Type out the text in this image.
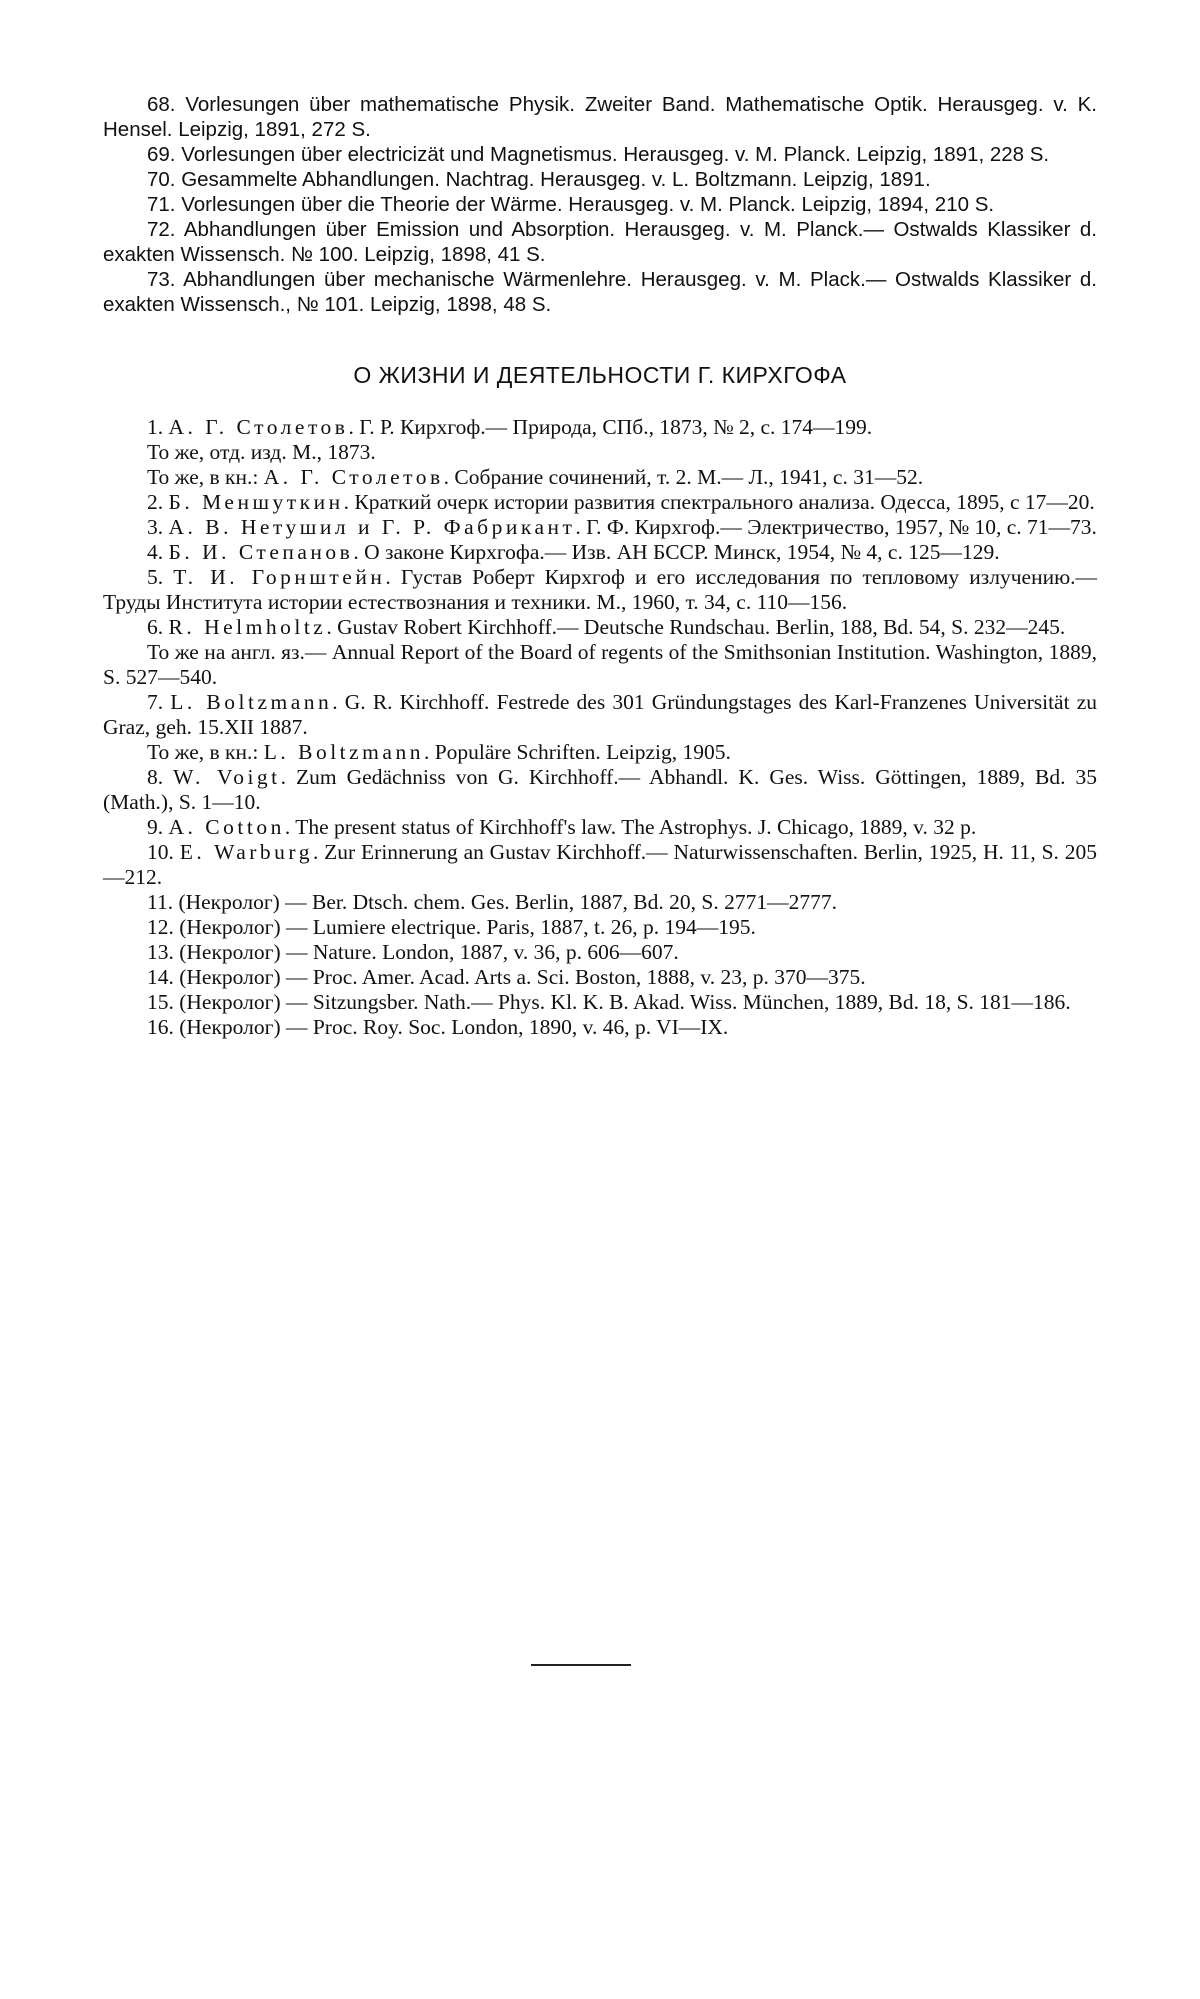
68. Vorlesungen über mathematische Physik. Zweiter Band. Mathematische Optik. Herausgeg. v. K. Hensel. Leipzig, 1891, 272 S.

69. Vorlesungen über electricizät und Magnetismus. Herausgeg. v. M. Planck. Leipzig, 1891, 228 S.

70. Gesammelte Abhandlungen. Nachtrag. Herausgeg. v. L. Boltzmann. Leipzig, 1891.

71. Vorlesungen über die Theorie der Wärme. Herausgeg. v. M. Planck. Leipzig, 1894, 210 S.

72. Abhandlungen über Emission und Absorption. Herausgeg. v. M. Planck.— Ostwalds Klassiker d. exakten Wissensch. № 100. Leipzig, 1898, 41 S.

73. Abhandlungen über mechanische Wärmenlehre. Herausgeg. v. M. Plack.— Ostwalds Klassiker d. exakten Wissensch., № 101. Leipzig, 1898, 48 S.

О ЖИЗНИ И ДЕЯТЕЛЬНОСТИ Г. КИРХГОФА

1. А. Г. Столетов. Г. Р. Кирхгоф.— Природа, СПб., 1873, № 2, с. 174—199.

То же, отд. изд. М., 1873.

То же, в кн.: А. Г. Столетов. Собрание сочинений, т. 2. М.— Л., 1941, с. 31—52.

2. Б. Меншуткин. Краткий очерк истории развития спектрального анализа. Одесса, 1895, с 17—20.

3. А. В. Нетушил и Г. Р. Фабрикант. Г. Ф. Кирхгоф.— Электричество, 1957, № 10, с. 71—73.

4. Б. И. Степанов. О законе Кирхгофа.— Изв. АН БССР. Минск, 1954, № 4, с. 125—129.

5. Т. И. Горнштейн. Густав Роберт Кирхгоф и его исследования по тепловому излучению.— Труды Института истории естествознания и техники. М., 1960, т. 34, с. 110—156.

6. R. Helmholtz. Gustav Robert Kirchhoff.— Deutsche Rundschau. Berlin, 188, Bd. 54, S. 232—245.

То же на англ. яз.— Annual Report of the Board of regents of the Smithsonian Institution. Washington, 1889, S. 527—540.

7. L. Boltzmann. G. R. Kirchhoff. Festrede des 301 Gründungstages des Karl-Franzenes Universität zu Graz, geh. 15.XII 1887.

То же, в кн.: L. Boltzmann. Populäre Schriften. Leipzig, 1905.

8. W. Voigt. Zum Gedächniss von G. Kirchhoff.— Abhandl. K. Ges. Wiss. Göttingen, 1889, Bd. 35 (Math.), S. 1—10.

9. A. Cotton. The present status of Kirchhoff's law. The Astrophys. J. Chicago, 1889, v. 32 p.

10. E. Warburg. Zur Erinnerung an Gustav Kirchhoff.— Naturwissenschaften. Berlin, 1925, H. 11, S. 205—212.

11. (Некролог) — Ber. Dtsch. chem. Ges. Berlin, 1887, Bd. 20, S. 2771—2777.

12. (Некролог) — Lumiere electrique. Paris, 1887, t. 26, p. 194—195.

13. (Некролог) — Nature. London, 1887, v. 36, p. 606—607.

14. (Некролог) — Proc. Amer. Acad. Arts a. Sci. Boston, 1888, v. 23, p. 370—375.

15. (Некролог) — Sitzungsber. Nath.— Phys. Kl. K. B. Akad. Wiss. München, 1889, Bd. 18, S. 181—186.

16. (Некролог) — Proc. Roy. Soc. London, 1890, v. 46, p. VI—IX.
